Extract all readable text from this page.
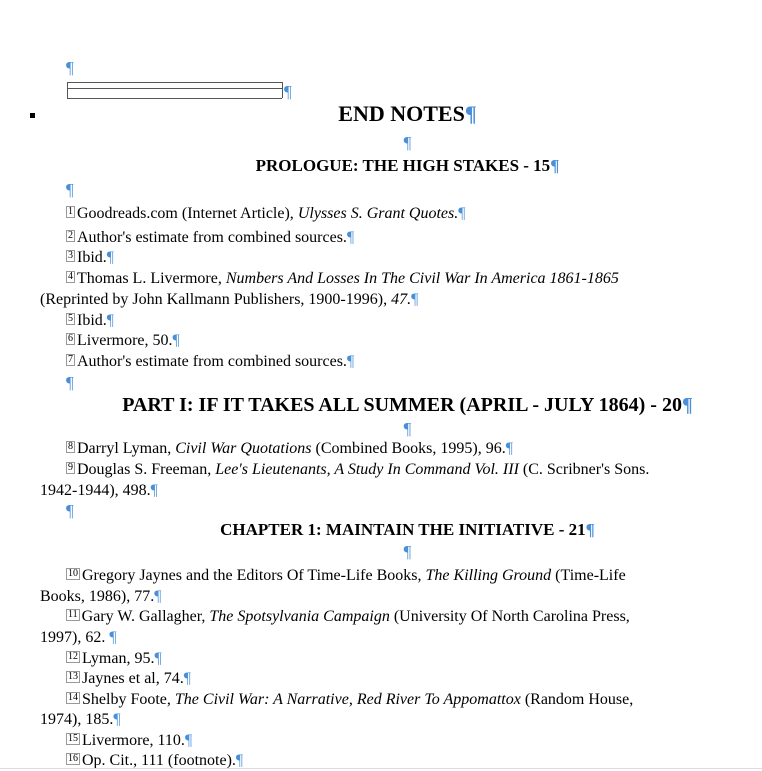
¶
¶
END NOTES¶
¶
PROLOGUE: THE HIGH STAKES - 15¶
¶
1 Goodreads.com (Internet Article), Ulysses S. Grant Quotes.¶
2 Author's estimate from combined sources.¶
3 Ibid.¶
4 Thomas L. Livermore, Numbers And Losses In The Civil War In America 1861-1865
(Reprinted by John Kallmann Publishers, 1900-1996), 47.¶
5 Ibid.¶
6 Livermore, 50.¶
7 Author's estimate from combined sources.¶
¶
PART I: IF IT TAKES ALL SUMMER (APRIL - JULY 1864) - 20¶
¶
8 Darryl Lyman, Civil War Quotations (Combined Books, 1995), 96.¶
9 Douglas S. Freeman, Lee's Lieutenants, A Study In Command Vol. III (C. Scribner's Sons.
1942-1944), 498.¶
¶
CHAPTER 1: MAINTAIN THE INITIATIVE - 21¶
¶
10 Gregory Jaynes and the Editors Of Time-Life Books, The Killing Ground (Time-Life
Books, 1986), 77.¶
11 Gary W. Gallagher, The Spotsylvania Campaign (University Of North Carolina Press,
1997), 62. ¶
12 Lyman, 95.¶
13 Jaynes et al, 74.¶
14 Shelby Foote, The Civil War: A Narrative, Red River To Appomattox (Random House,
1974), 185.¶
15 Livermore, 110.¶
16 Op. Cit., 111 (footnote).¶
